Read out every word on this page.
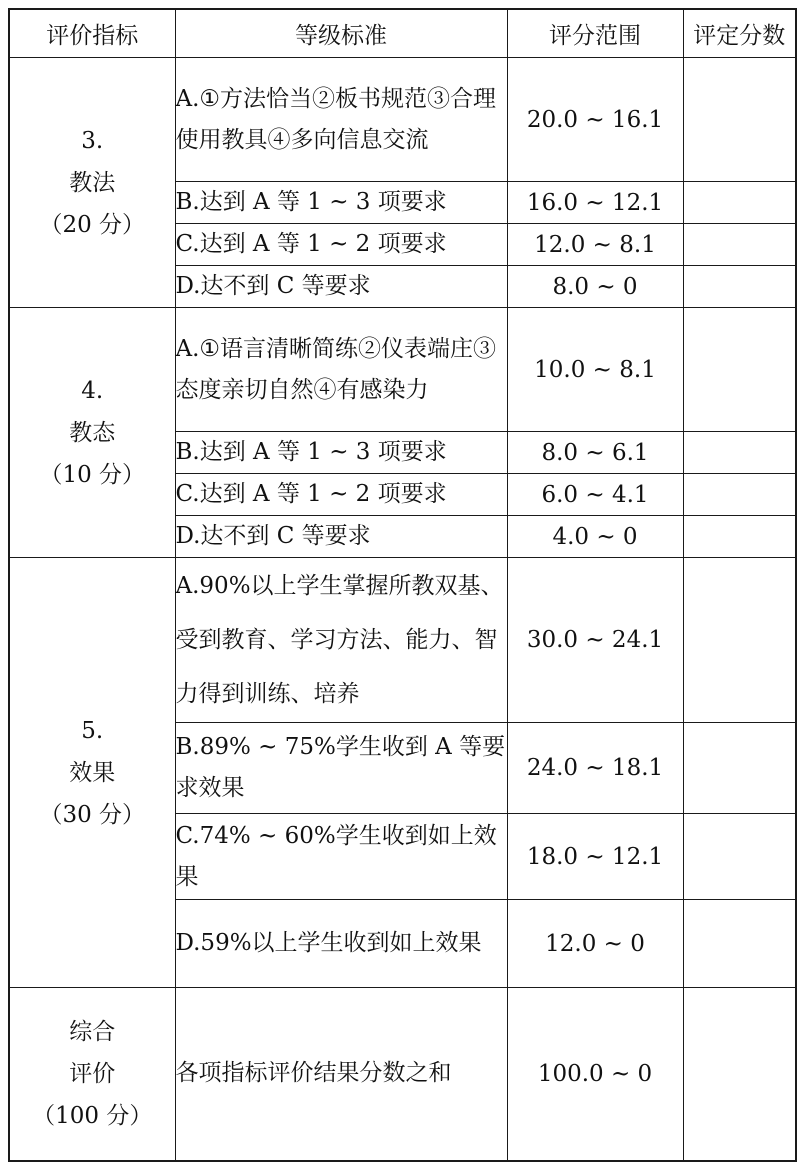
评价指标	等级标准	评分范围	评定分数

3.
教法
（20 分）	A.①方法恰当②板书规范③合理使用教具④多向信息交流	20.0 ~ 16.1	
	B.达到 A 等 1 ~ 3 项要求	16.0 ~ 12.1	
	C.达到 A 等 1 ~ 2 项要求	12.0 ~ 8.1	
	D.达不到 C 等要求	8.0 ~ 0	

4.
教态
（10 分）	A.①语言清晰简练②仪表端庄③态度亲切自然④有感染力	10.0 ~ 8.1	
	B.达到 A 等 1 ~ 3 项要求	8.0 ~ 6.1	
	C.达到 A 等 1 ~ 2 项要求	6.0 ~ 4.1	
	D.达不到 C 等要求	4.0 ~ 0	

5.
效果
（30 分）	A.90%以上学生掌握所教双基、受到教育、学习方法、能力、智力得到训练、培养	30.0 ~ 24.1	
	B.89% ~ 75%学生收到 A 等要求效果	24.0 ~ 18.1	
	C.74% ~ 60%学生收到如上效果	18.0 ~ 12.1	
	D.59%以上学生收到如上效果	12.0 ~ 0	

综合
评价
（100 分）	各项指标评价结果分数之和	100.0 ~ 0	
